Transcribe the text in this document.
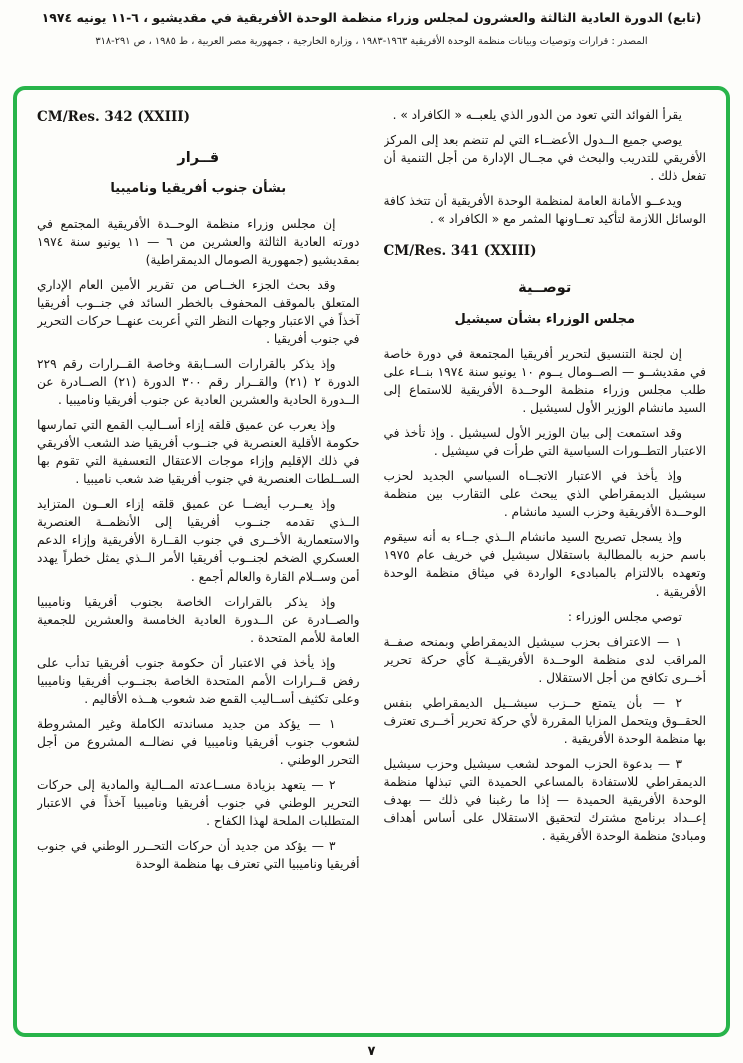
(تابع) الدورة العادية الثالثة والعشرون لمجلس وزراء منظمة الوحدة الأفريقية في مقديشيو ، ٦-١١ يونيه ١٩٧٤
المصدر : قرارات وتوصيات وبيانات منظمة الوحدة الأفريقية ١٩٦٣-١٩٨٣ ، وزارة الخارجية ، جمهورية مصر العربية ، ط ١٩٨٥ ، ص ٢٩١-٣١٨

يقرأ الفوائد التي تعود من الدور الذي يلعبــه « الكافراد » .

يوصي جميع الــدول الأعضــاء التي لم تنضم بعد إلى المركز الأفريقي للتدريب والبحث في مجــال الإدارة من أجل التنمية أن تفعل ذلك .

ويدعــو الأمانة العامة لمنظمة الوحدة الأفريقية أن تتخذ كافة الوسائل اللازمة لتأكيد تعــاونها المثمر مع « الكافراد » .

CM/Res. 341 (XXIII)
توصــية
مجلس الوزراء بشأن سيشيل

إن لجنة التنسيق لتحرير أفريقيا المجتمعة في دورة خاصة في مقديشــو — الصــومال يــوم ١٠ يونيو سنة ١٩٧٤ بنــاء على طلب مجلس وزراء منظمة الوحــدة الأفريقية للاستماع إلى السيد مانشام الوزير الأول لسيشيل .

وقد استمعت إلى بيان الوزير الأول لسيشيل . وإذ تأخذ في الاعتبار التطــورات السياسية التي طرأت في سيشيل .

وإذ يأخذ في الاعتبار الاتجــاه السياسي الجديد لحزب سيشيل الديمقراطي الذي يبحث على التقارب بين منظمة الوحــدة الأفريقية وحزب السيد مانشام .

وإذ يسجل تصريح السيد مانشام الــذي جــاء به أنه سيقوم باسم حزبه بالمطالبة باستقلال سيشيل في خريف عام ١٩٧٥ وتعهده بالالتزام بالمبادىء الواردة في ميثاق منظمة الوحدة الأفريقية .

توصي مجلس الوزراء :

١ — الاعتراف بحزب سيشيل الديمقراطي وبمنحه صفــة المراقب لدى منظمة الوحــدة الأفريقيــة كأي حركة تحرير أخــرى تكافح من أجل الاستقلال .

٢ — بأن يتمتع حــزب سيشــيل الديمقراطي بنفس الحقــوق ويتحمل المزايا المقررة لأي حركة تحرير أخــرى تعترف بها منظمة الوحدة الأفريقية .

٣ — بدعوة الحزب الموحد لشعب سيشيل وحزب سيشيل الديمقراطي للاستفادة بالمساعي الحميدة التي تبذلها منظمة الوحدة الأفريقية الحميدة — إذا ما رغبنا في ذلك — بهدف إعــداد برنامج مشترك لتحقيق الاستقلال على أساس أهداف ومبادئ منظمة الوحدة الأفريقية .

CM/Res. 342 (XXIII)
قــرار
بشأن جنوب أفريقيا وناميبيا

إن مجلس وزراء منظمة الوحــدة الأفريقية المجتمع في دورته العادية الثالثة والعشرين من ٦ — ١١ يونيو سنة ١٩٧٤ بمقديشيو (جمهورية الصومال الديمقراطية)

وقد بحث الجزء الخــاص من تقرير الأمين العام الإداري المتعلق بالموقف المحفوف بالخطر السائد في جنــوب أفريقيا آخذاً في الاعتبار وجهات النظر التي أعربت عنهــا حركات التحرير في جنوب أفريقيا .

وإذ يذكر بالقرارات الســابقة وخاصة القــرارات رقم ٢٢٩ الدورة ٢ (٢١) والقــرار رقم ٣٠٠ الدورة (٢١) الصــادرة عن الــدورة الحادية والعشرين العادية عن جنوب أفريقيا وناميبيا .

وإذ يعرب عن عميق قلقه إزاء أســاليب القمع التي تمارسها حكومة الأقلية العنصرية في جنــوب أفريقيا ضد الشعب الأفريقي في ذلك الإقليم وإزاء موجات الاعتقال التعسفية التي تقوم بها الســلطات العنصرية في جنوب أفريقيا ضد شعب ناميبيا .

وإذ يعــرب أيضــا عن عميق قلقه إزاء العــون المتزايد الــذي تقدمه جنــوب أفريقيا إلى الأنظمــة العنصرية والاستعمارية الأخــرى في جنوب القــارة الأفريقية وإزاء الدعم العسكري الضخم لجنــوب أفريقيا الأمر الــذي يمثل خطراً يهدد أمن وســلام القارة والعالم أجمع .

وإذ يذكر بالقرارات الخاصة بجنوب أفريقيا وناميبيا والصــادرة عن الــدورة العادية الخامسة والعشرين للجمعية العامة للأمم المتحدة .

وإذ يأخذ في الاعتبار أن حكومة جنوب أفريقيا تدأب على رفض قــرارات الأمم المتحدة الخاصة بجنــوب أفريقيا وناميبيا وعلى تكثيف أســاليب القمع ضد شعوب هــذه الأقاليم .

١ — يؤكد من جديد مساندته الكاملة وغير المشروطة لشعوب جنوب أفريقيا وناميبيا في نضالــه المشروع من أجل التحرر الوطني .

٢ — يتعهد بزيادة مســاعدته المــالية والمادية إلى حركات التحرير الوطني في جنوب أفريقيا وناميبيا آخذاً في الاعتبار المتطلبات الملحة لهذا الكفاح .

٣ — يؤكد من جديد أن حركات التحــرر الوطني في جنوب أفريقيا وناميبيا التي تعترف بها منظمة الوحدة

٧
